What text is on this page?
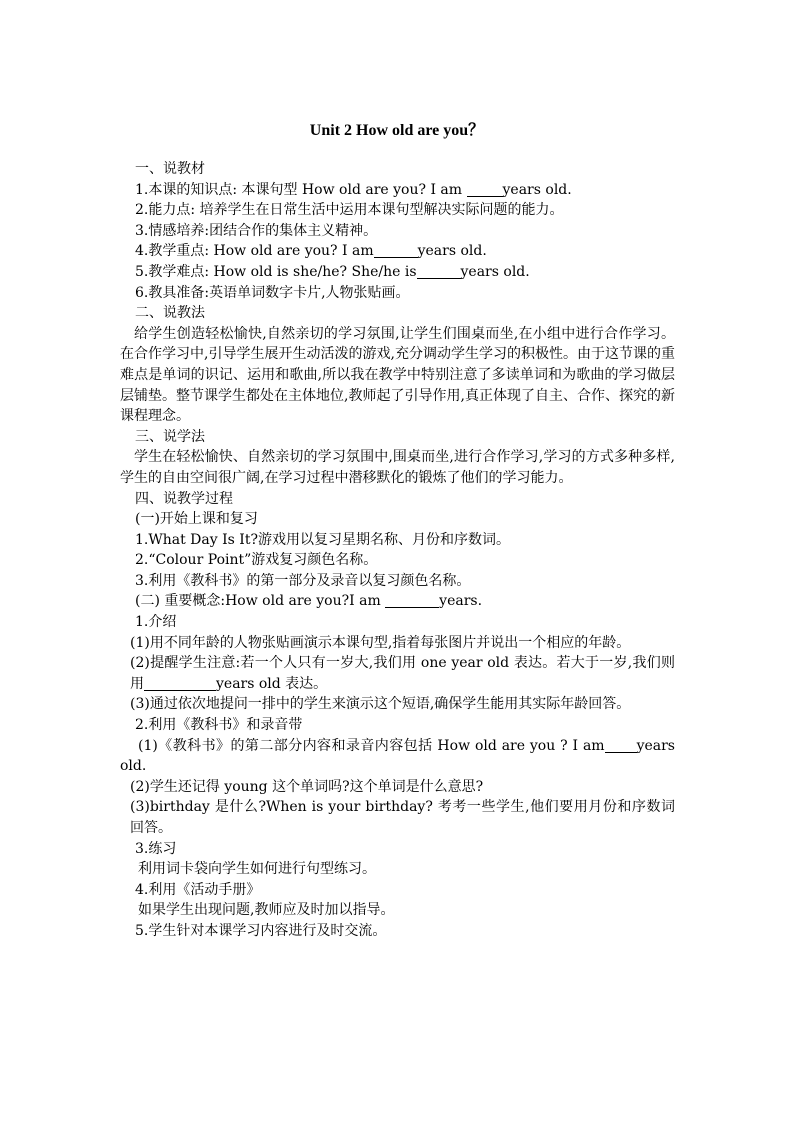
Unit 2 How old are you？

一、说教材

1.本课的知识点: 本课句型 How old are you? I am	years old.

2.能力点: 培养学生在日常生活中运用本课句型解决实际问题的能力。

3.情感培养:团结合作的集体主义精神。

4.教学重点: How old are you? I am	years old.

5.教学难点: How old is she/he? She/he is	years old.

6.教具准备:英语单词数字卡片,人物张贴画。

二、说教法

给学生创造轻松愉快,自然亲切的学习氛围,让学生们围桌而坐,在小组中进行合作学习。在合作学习中,引导学生展开生动活泼的游戏,充分调动学生学习的积极性。由于这节课的重难点是单词的识记、运用和歌曲,所以我在教学中特别注意了多读单词和为歌曲的学习做层层铺垫。整节课学生都处在主体地位,教师起了引导作用,真正体现了自主、合作、探究的新课程理念。

三、说学法

学生在轻松愉快、自然亲切的学习氛围中,围桌而坐,进行合作学习,学习的方式多种多样,学生的自由空间很广阔,在学习过程中潜移默化的锻炼了他们的学习能力。

四、说教学过程

(一)开始上课和复习

1.What Day Is It?游戏用以复习星期名称、月份和序数词。

2.“Colour Point”游戏复习颜色名称。

3.利用《教科书》的第一部分及录音以复习颜色名称。

(二) 重要概念:How old are you?I am	years.

1.介绍

(1)用不同年龄的人物张贴画演示本课句型,指着每张图片并说出一个相应的年龄。

(2)提醒学生注意:若一个人只有一岁大,我们用 one year old 表达。若大于一岁,我们则用	years old 表达。

(3)通过依次地提问一排中的学生来演示这个短语,确保学生能用其实际年龄回答。

2.利用《教科书》和录音带

(1)《教科书》的第二部分内容和录音内容包括 How old are you ? I am years old.

(2)学生还记得 young 这个单词吗?这个单词是什么意思?

(3)birthday 是什么?When is your birthday? 考考一些学生,他们要用月份和序数词回答。

3.练习

利用词卡袋向学生如何进行句型练习。

4.利用《活动手册》

如果学生出现问题,教师应及时加以指导。

5.学生针对本课学习内容进行及时交流。
